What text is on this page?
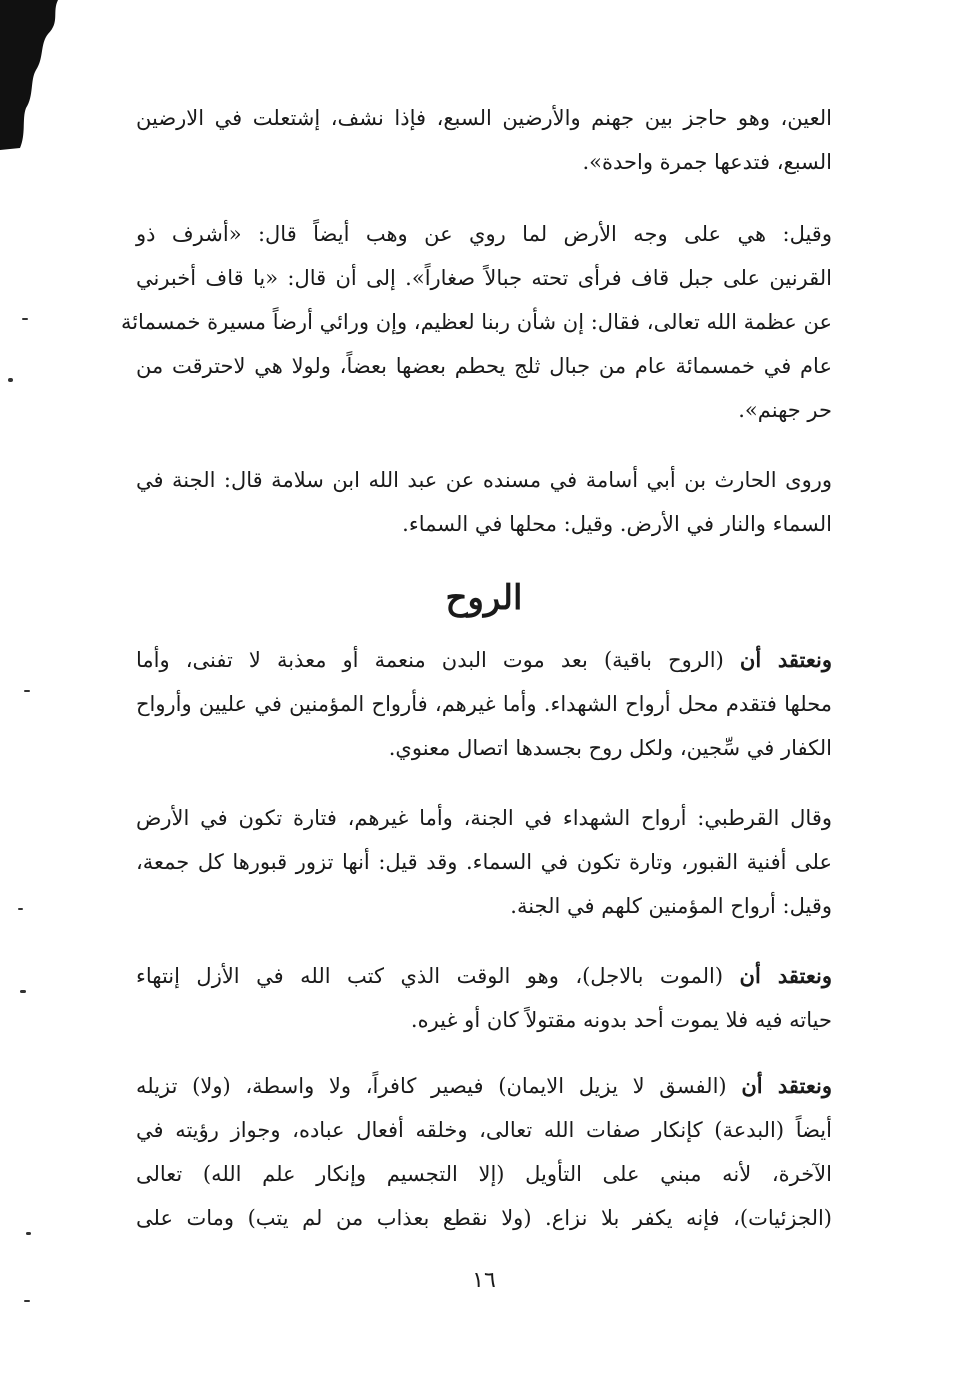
العين، وهو حاجز بين جهنم والأرضين السبع، فإذا نشف، إشتعلت في الارضين
السبع، فتدعها جمرة واحدة».

وقيل: هي على وجه الأرض لما روي عن وهب أيضاً قال: «أشرف ذو
القرنين على جبل قاف فرأى تحته جبالاً صغاراً». إلى أن قال: «يا قاف أخبرني
عن عظمة الله تعالى، فقال: إن شأن ربنا لعظيم، وإن ورائي أرضاً مسيرة خمسمائة
عام في خمسمائة عام من جبال ثلج يحطم بعضها بعضاً، ولولا هي لاحترقت من
حر جهنم».

وروى الحارث بن أبي أسامة في مسنده عن عبد الله ابن سلامة قال: الجنة في
السماء والنار في الأرض. وقيل: محلها في السماء.

الروح

ونعتقد أن (الروح باقية) بعد موت البدن منعمة أو معذبة لا تفنى، وأما
محلها فتقدم محل أرواح الشهداء. وأما غيرهم، فأرواح المؤمنين في عليين وأرواح
الكفار في سِّجين، ولكل روح بجسدها اتصال معنوي.

وقال القرطبي: أرواح الشهداء في الجنة، وأما غيرهم، فتارة تكون في الأرض
على أفنية القبور، وتارة تكون في السماء. وقد قيل: أنها تزور قبورها كل جمعة،
وقيل: أرواح المؤمنين كلهم في الجنة.

ونعتقد أن (الموت بالاجل)، وهو الوقت الذي كتب الله في الأزل إنتهاء
حياته فيه فلا يموت أحد بدونه مقتولاً كان أو غيره.

ونعتقد أن (الفسق لا يزيل الايمان) فيصير كافراً، ولا واسطة، (ولا) تزيله
أيضاً (البدعة) كإنكار صفات الله تعالى، وخلقه أفعال عباده، وجواز رؤيته في
الآخرة، لأنه مبني على التأويل (إلا التجسيم وإنكار علم الله) تعالى
(الجزئيات)، فإنه يكفر بلا نزاع. (ولا نقطع بعذاب من لم يتب) ومات على

١٦
